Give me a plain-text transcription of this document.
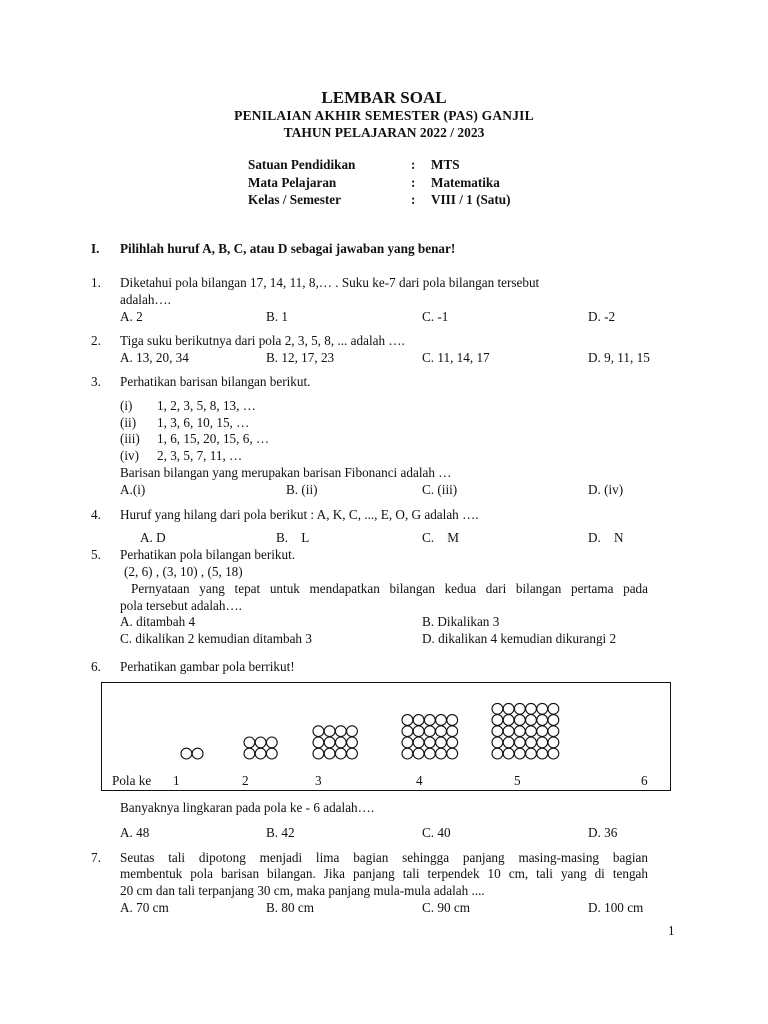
LEMBAR SOAL
PENILAIAN AKHIR SEMESTER (PAS) GANJIL
TAHUN PELAJARAN 2022 / 2023
Satuan Pendidikan	: MTS
Mata Pelajaran	: Matematika
Kelas / Semester	: VIII / 1 (Satu)
I. Pilihlah huruf A, B, C, atau D sebagai jawaban yang benar!
1. Diketahui pola bilangan 17, 14, 11, 8,… . Suku ke-7 dari pola bilangan tersebut
adalah….
A. 2	B. 1	C. -1	D. -2
2. Tiga suku berikutnya dari pola 2, 3, 5, 8, ... adalah ….
A. 13, 20, 34	B. 12, 17, 23	C. 11, 14, 17	D. 9, 11, 15
3. Perhatikan barisan bilangan berikut.
(i) 1, 2, 3, 5, 8, 13, …
(ii) 1, 3, 6, 10, 15, …
(iii) 1, 6, 15, 20, 15, 6, …
(iv) 2, 3, 5, 7, 11, …
Barisan bilangan yang merupakan barisan Fibonanci adalah …
A.(i)	B. (ii)	C. (iii)	D. (iv)
4. Huruf yang hilang dari pola berikut : A, K, C, ..., E, O, G adalah ….
A. D	B.    L	C.    M	D.    N
5. Perhatikan pola bilangan berikut.
(2, 6) , (3, 10) , (5, 18)
Pernyataan yang tepat untuk mendapatkan bilangan kedua dari bilangan pertama pada
pola tersebut adalah….
A. ditambah 4	B. Dikalikan 3
C. dikalikan 2 kemudian ditambah 3	D. dikalikan 4 kemudian dikurangi 2
6. Perhatikan gambar pola berrikut!
Pola ke 1	2	3	4	5	6
Banyaknya lingkaran pada pola ke - 6 adalah….
A. 48	B. 42	C. 40	D. 36
7. Seutas tali dipotong menjadi lima bagian sehingga panjang masing-masing bagian
membentuk pola barisan bilangan. Jika panjang tali terpendek 10 cm, tali yang di tengah
20 cm dan tali terpanjang 30 cm, maka panjang mula-mula adalah ....
A. 70 cm	B. 80 cm	C. 90 cm	D. 100 cm
1
